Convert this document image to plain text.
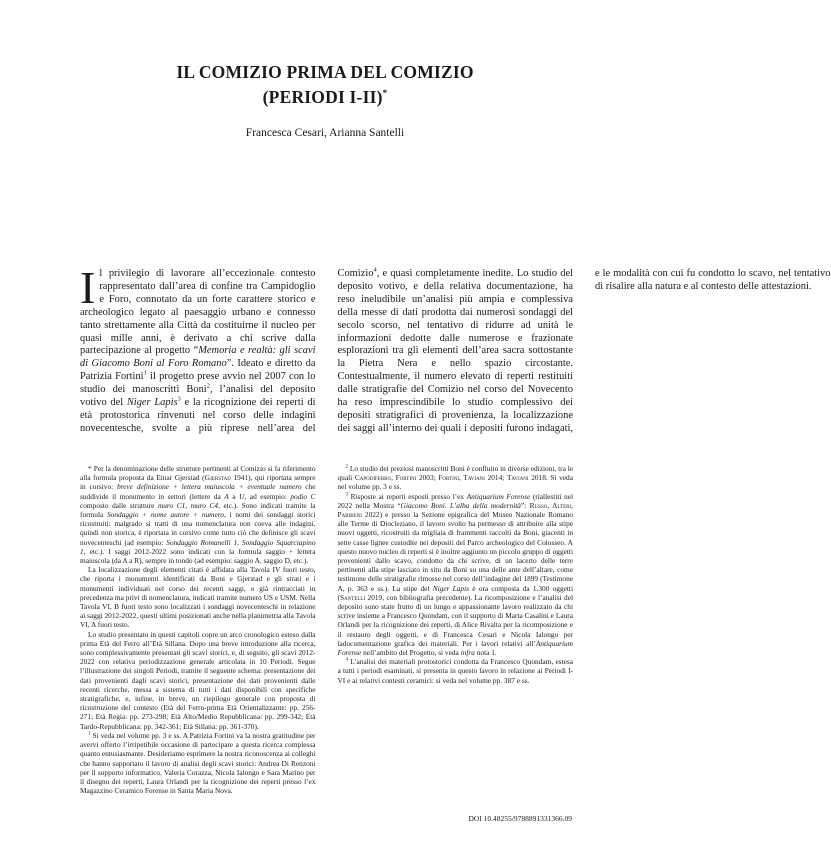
IL COMIZIO PRIMA DEL COMIZIO
(PERIODI I-II)*

Francesca Cesari, Arianna Santelli

Il privilegio di lavorare all’eccezionale contesto rappresentato dall’area di confine tra Campidoglio e Foro, connotato da un forte carattere storico e archeologico legato al paesaggio urbano e connesso tanto strettamente alla Città da costituirne il nucleo per quasi mille anni, è derivato a chi scrive dalla partecipazione al progetto “Memoria e realtà: gli scavi di Giacomo Boni al Foro Romano”. Ideato e diretto da Patrizia Fortini$^1$ il progetto prese avvio nel 2007 con lo studio dei manoscritti Boni$^2$, l’analisi del deposito votivo del Niger Lapis$^3$ e la ricognizione dei reperti di età protostorica rinvenuti nel corso delle indagini novecentesche, svolte a più riprese nell’area del Comizio$^4$, e quasi completamente inedite. Lo studio del deposito votivo, e della relativa documentazione, ha reso ineludibile un’analisi più ampia e complessiva della messe di dati prodotta dai numerosi sondaggi del secolo scorso, nel tentativo di ridurre ad unità le informazioni dedotte dalle numerose e frazionate esplorazioni tra gli elementi dell’area sacra sottostante la Pietra Nera e nello spazio circostante. Contestualmente, il numero elevato di reperti restituiti dalle stratigrafie del Comizio nel corso del Novecento ha reso imprescindibile lo studio complessivo dei depositi stratigrafici di provenienza, la localizzazione dei saggi all’interno dei quali i depositi furono indagati, e le modalità con cui fu condotto lo scavo, nel tentativo di risalire alla natura e al contesto delle attestazioni.

* Per la denominazione delle strutture pertinenti al Comizio si fa riferimento alla formula proposta da Einar Gjerstad (Gjerstad 1941), qui riportata sempre in corsivo: breve definizione + lettera maiuscola + eventuale numero che suddivide il monumento in settori (lettere da A a U, ad esempio: podio C composto dalle strutture muro C1, muro C4, etc.). Sono indicati tramite la formula Sondaggio + nome autore + numero, i nomi dei sondaggi storici ricostruiti: malgrado si tratti di una nomenclatura non coeva alle indagini, quindi non storica, è riportata in corsivo come tutto ciò che definisce gli scavi novecenteschi (ad esempio: Sondaggio Romanelli 1, Sondaggio Squarciapino 1, etc.). I saggi 2012-2022 sono indicati con la formula saggio + lettera maiuscola (da A a R), sempre in tondo (ad esempio: saggio A, saggio D, etc.).

La localizzazione degli elementi citati è affidata alla Tavola IV fuori testo, che riporta i monumenti identificati da Boni e Gjerstad e gli strati e i monumenti individuati nel corso dei recenti saggi, o già rintracciati in precedenza ma privi di nomenclatura, indicati tramite numero US e USM. Nella Tavola VI, B fuori testo sono localizzati i sondaggi novecenteschi in relazione ai saggi 2012-2022, questi ultimi posizionati anche nella planimetria alla Tavola VI, A fuori testo.

Lo studio presentato in questi capitoli copre un arco cronologico esteso dalla prima Età del Ferro all’Età Sillana. Dopo una breve introduzione alla ricerca, sono complessivamente presentati gli scavi storici, e, di seguito, gli scavi 2012-2022 con relativa periodizzazione generale articolata in 10 Periodi. Segue l’illustrazione dei singoli Periodi, tramite il seguente schema: presentazione dei dati provenienti dagli scavi storici, presentazione dei dati provenienti dalle recenti ricerche, messa a sistema di tutti i dati disponibili con specifiche stratigrafiche, e, infine, in breve, un riepilogo generale con proposta di ricostruzione del contesto (Età del Ferro-prima Età Orientalizzante: pp. 256-271; Età Regia: pp. 273-298; Età Alto/Medio Repubblicana: pp. 299-342; Età Tardo-Repubblicana: pp. 342-361; Età Sillana: pp. 361-370).

$^1$ Si veda nel volume pp. 3 e ss. A Patrizia Fortini va la nostra gratitudine per avervi offerto l’irripetibile occasione di partecipare a questa ricerca complessa quanto entusiasmante. Desideriamo esprimere la nostra riconoscenza ai colleghi che hanno supportato il lavoro di analisi degli scavi storici: Andrea Di Renzoni per il supporto informatico, Valeria Corazza, Nicola Ialongo e Sara Marino per il disegno dei reperti, Laura Orlandi per la ricognizione dei reperti presso l’ex Magazzino Ceramico Forense in Santa Maria Nova.

$^2$ Lo studio dei preziosi manoscritti Boni è confluito in diverse edizioni, tra le quali Capodiferro, Fortini 2003; Fortini, Taviani 2014; Taviani 2018. Si veda nel volume pp. 3 e ss.

$^3$ Risposte ai reperti esposti presso l’ex Antiquarium Forense (riallestiti nel 2022 nella Mostra “Giacomo Boni. L’alba della modernità”: Russo, Alteri, Paribeni 2022) e presso la Sezione epigrafica del Museo Nazionale Romano alle Terme di Diocleziano, il lavoro svolto ha permesso di attribuire alla stipe nuovi oggetti, ricostruiti da migliaia di frammenti raccolti da Boni, giacenti in sette casse lignee custodite nei depositi del Parco archeologico del Colosseo. A questo nuovo nucleo di reperti si è inoltre aggiunto un piccolo gruppo di oggetti provenienti dallo scavo, condotto da chi scrive, di un lacerto delle terre pertinenti alla stipe lasciato in situ da Boni su una delle ante dell’altare, come testimone delle stratigrafie rimosse nel corso dell’indagine del 1899 (Testimone A, p. 363 e ss.). La stipe del Niger Lapis è ora composta da 1.300 oggetti (Santelli 2019, con bibliografia precedente). La ricomposizione e l’analisi del deposito sono state frutto di un lungo e appassionante lavoro realizzato da chi scrive insieme a Francesco Quondam, con il supporto di Marta Casalini e Laura Orlandi per la ricognizione dei reperti, di Alice Rivalta per la ricomposizione e il restauro degli oggetti, e di Francesca Cesari e Nicola Ialongo per ladocumentazione grafica dei materiali. Per i lavori relativi all’Antiquarium Forense nell’ambito del Progetto, si veda infra nota 1.

$^4$ L’analisi dei materiali protostorici condotta da Francesco Quondam, estesa a tutti i periodi esaminati, si presenta in questo lavoro in relazione ai Periodi I-VI e ai relativi contesti ceramici: si veda nel volume pp. 387 e ss.

DOI 10.48255/9788891331366.09
